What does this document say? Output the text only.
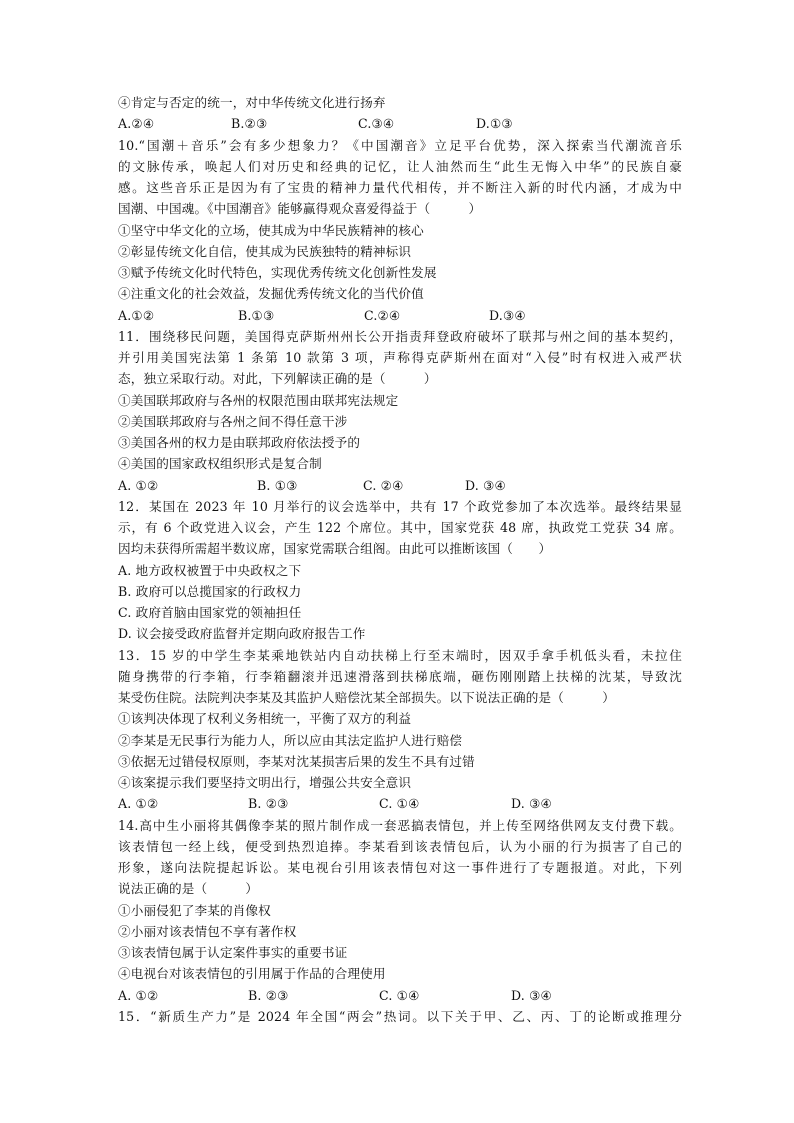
④肯定与否定的统一，对中华传统文化进行扬弃
A.②④	B.②③	C.③④	D.①③
10.“国潮＋音乐”会有多少想象力？《中国潮音》立足平台优势，深入探索当代潮流音乐
的文脉传承，唤起人们对历史和经典的记忆，让人油然而生“此生无悔入中华”的民族自豪
感。这些音乐正是因为有了宝贵的精神力量代代相传，并不断注入新的时代内涵，才成为中
国潮、中国魂。《中国潮音》能够赢得观众喜爱得益于（　　　）
①坚守中华文化的立场，使其成为中华民族精神的核心
②彰显传统文化自信，使其成为民族独特的精神标识
③赋予传统文化时代特色，实现优秀传统文化创新性发展
④注重文化的社会效益，发掘优秀传统文化的当代价值
A.①②	B.①③	C.②④	D.③④
11．围绕移民问题，美国得克萨斯州州长公开指责拜登政府破坏了联邦与州之间的基本契约，
并引用美国宪法第 1 条第 10 款第 3 项，声称得克萨斯州在面对“入侵”时有权进入戒严状
态，独立采取行动。对此，下列解读正确的是（　　　）
①美国联邦政府与各州的权限范围由联邦宪法规定
②美国联邦政府与各州之间不得任意干涉
③美国各州的权力是由联邦政府依法授予的
④美国的国家政权组织形式是复合制
A. ①②	B. ①③	C. ②④	D. ③④
12．某国在 2023 年 10 月举行的议会选举中，共有 17 个政党参加了本次选举。最终结果显
示，有 6 个政党进入议会，产生 122 个席位。其中，国家党获 48 席，执政党工党获 34 席。
因均未获得所需超半数议席，国家党需联合组阁。由此可以推断该国（　　）
A. 地方政权被置于中央政权之下
B. 政府可以总揽国家的行政权力
C. 政府首脑由国家党的领袖担任
D. 议会接受政府监督并定期向政府报告工作
13．15 岁的中学生李某乘地铁站内自动扶梯上行至末端时，因双手拿手机低头看，未拉住
随身携带的行李箱，行李箱翻滚并迅速滑落到扶梯底端，砸伤刚刚踏上扶梯的沈某，导致沈
某受伤住院。法院判决李某及其监护人赔偿沈某全部损失。以下说法正确的是（　　　）
①该判决体现了权利义务相统一，平衡了双方的利益
②李某是无民事行为能力人，所以应由其法定监护人进行赔偿
③依据无过错侵权原则，李某对沈某损害后果的发生不具有过错
④该案提示我们要坚持文明出行，增强公共安全意识
A. ①②	B. ②③	C. ①④	D. ③④
14.高中生小丽将其偶像李某的照片制作成一套恶搞表情包，并上传至网络供网友支付费下载。
该表情包一经上线，便受到热烈追捧。李某看到该表情包后，认为小丽的行为损害了自己的
形象，遂向法院提起诉讼。某电视台引用该表情包对这一事件进行了专题报道。对此，下列
说法正确的是（　　　）
①小丽侵犯了李某的肖像权
②小丽对该表情包不享有著作权
③该表情包属于认定案件事实的重要书证
④电视台对该表情包的引用属于作品的合理使用
A. ①②	B. ②③	C. ①④	D. ③④
15．“新质生产力”是 2024 年全国“两会”热词。以下关于甲、乙、丙、丁的论断或推理分
